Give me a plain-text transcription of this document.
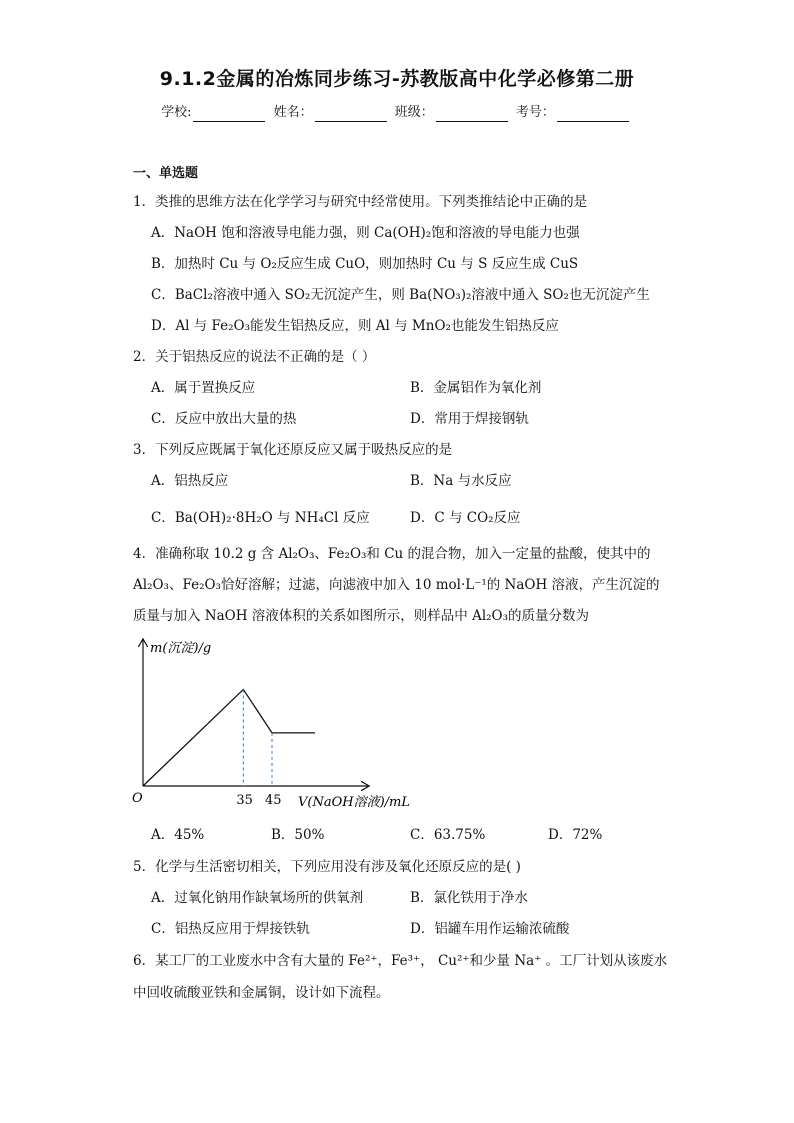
9.1.2金属的冶炼同步练习-苏教版高中化学必修第二册
学校:	姓名：	班级：	考号：
一、单选题
1．类推的思维方法在化学学习与研究中经常使用。下列类推结论中正确的是
A．NaOH 饱和溶液导电能力强，则 Ca(OH)₂饱和溶液的导电能力也强
B．加热时 Cu 与 O₂反应生成 CuO，则加热时 Cu 与 S 反应生成 CuS
C．BaCl₂溶液中通入 SO₂无沉淀产生，则 Ba(NO₃)₂溶液中通入 SO₂也无沉淀产生
D．Al 与 Fe₂O₃能发生铝热反应，则 Al 与 MnO₂也能发生铝热反应
2．关于铝热反应的说法不正确的是（ ）
A．属于置换反应	B．金属铝作为氧化剂
C．反应中放出大量的热	D．常用于焊接钢轨
3．下列反应既属于氧化还原反应又属于吸热反应的是
A．铝热反应	B．Na 与水反应
C．Ba(OH)₂·8H₂O 与 NH₄Cl 反应	D．C 与 CO₂反应
4．准确称取 10.2 g 含 Al₂O₃、Fe₂O₃和 Cu 的混合物，加入一定量的盐酸，使其中的
Al₂O₃、Fe₂O₃恰好溶解；过滤，向滤液中加入 10 mol·L⁻¹的 NaOH 溶液，产生沉淀的
质量与加入 NaOH 溶液体积的关系如图所示，则样品中 Al₂O₃的质量分数为
35 45
m(沉淀)/g
V(NaOH溶液)/mL
O
A．45%	B．50%	C．63.75%	D．72%
5．化学与生活密切相关，下列应用没有涉及氧化还原反应的是( )
A．过氧化钠用作缺氧场所的供氧剂	B．氯化铁用于净水
C．铝热反应用于焊接铁轨	D．铝罐车用作运输浓硫酸
6．某工厂的工业废水中含有大量的 Fe²⁺，Fe³⁺， Cu²⁺和少量 Na⁺ 。工厂计划从该废水
中回收硫酸亚铁和金属铜，设计如下流程。
